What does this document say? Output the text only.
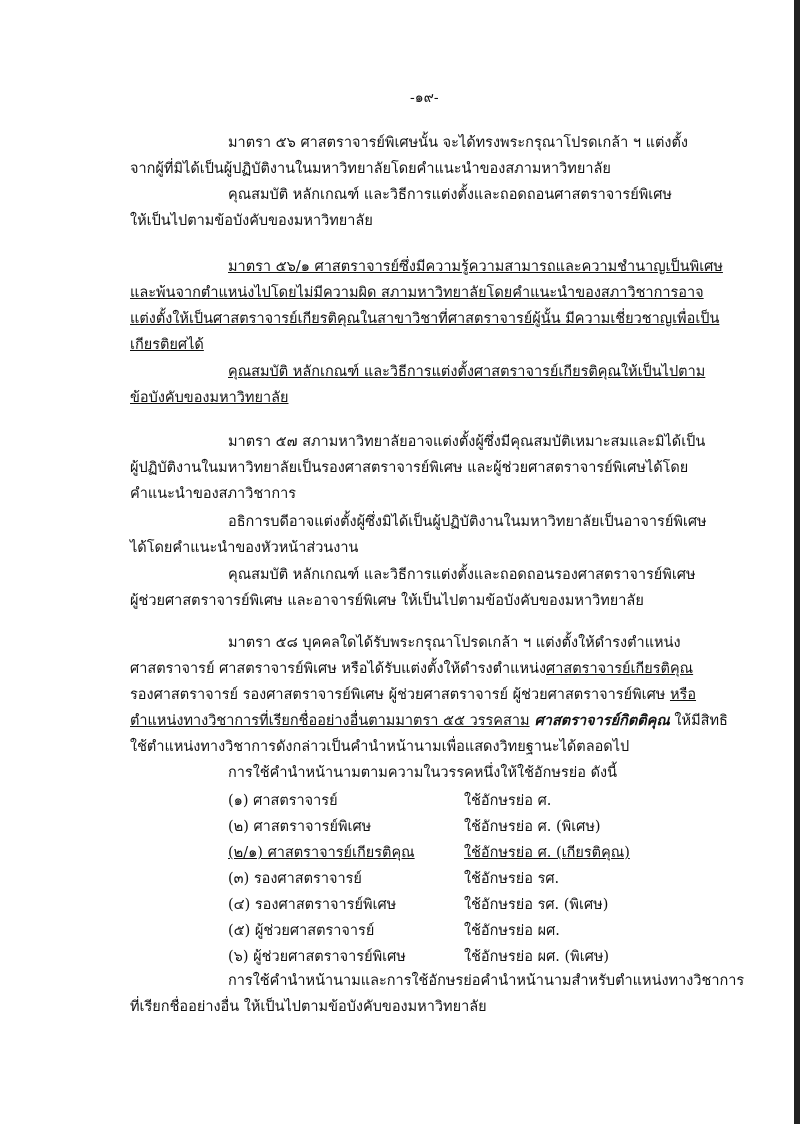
-๑๙-
มาตรา ๕๖ ศาสตราจารย์พิเศษนั้น จะได้ทรงพระกรุณาโปรดเกล้า ฯ แต่งตั้ง
จากผู้ที่มิได้เป็นผู้ปฏิบัติงานในมหาวิทยาลัยโดยคำแนะนำของสภามหาวิทยาลัย
คุณสมบัติ หลักเกณฑ์ และวิธีการแต่งตั้งและถอดถอนศาสตราจารย์พิเศษ
ให้เป็นไปตามข้อบังคับของมหาวิทยาลัย
มาตรา ๕๖/๑ ศาสตราจารย์ซึ่งมีความรู้ความสามารถและความชำนาญเป็นพิเศษ
และพ้นจากตำแหน่งไปโดยไม่มีความผิด สภามหาวิทยาลัยโดยคำแนะนำของสภาวิชาการอาจ
แต่งตั้งให้เป็นศาสตราจารย์เกียรติคุณในสาขาวิชาที่ศาสตราจารย์ผู้นั้น มีความเชี่ยวชาญเพื่อเป็น
เกียรติยศได้
คุณสมบัติ หลักเกณฑ์ และวิธีการแต่งตั้งศาสตราจารย์เกียรติคุณให้เป็นไปตาม
ข้อบังคับของมหาวิทยาลัย
มาตรา ๕๗ สภามหาวิทยาลัยอาจแต่งตั้งผู้ซึ่งมีคุณสมบัติเหมาะสมและมิได้เป็น
ผู้ปฏิบัติงานในมหาวิทยาลัยเป็นรองศาสตราจารย์พิเศษ และผู้ช่วยศาสตราจารย์พิเศษได้โดย
คำแนะนำของสภาวิชาการ
อธิการบดีอาจแต่งตั้งผู้ซึ่งมิได้เป็นผู้ปฏิบัติงานในมหาวิทยาลัยเป็นอาจารย์พิเศษ
ได้โดยคำแนะนำของหัวหน้าส่วนงาน
คุณสมบัติ หลักเกณฑ์ และวิธีการแต่งตั้งและถอดถอนรองศาสตราจารย์พิเศษ
ผู้ช่วยศาสตราจารย์พิเศษ และอาจารย์พิเศษ ให้เป็นไปตามข้อบังคับของมหาวิทยาลัย
มาตรา ๕๘ บุคคลใดได้รับพระกรุณาโปรดเกล้า ฯ แต่งตั้งให้ดำรงตำแหน่ง
ศาสตราจารย์ ศาสตราจารย์พิเศษ หรือได้รับแต่งตั้งให้ดำรงตำแหน่งศาสตราจารย์เกียรติคุณ
รองศาสตราจารย์ รองศาสตราจารย์พิเศษ ผู้ช่วยศาสตราจารย์ ผู้ช่วยศาสตราจารย์พิเศษ หรือ
ตำแหน่งทางวิชาการที่เรียกชื่ออย่างอื่นตามมาตรา ๕๕ วรรคสาม ศาสตราจารย์กิตติคุณ ให้มีสิทธิ
ใช้ตำแหน่งทางวิชาการดังกล่าวเป็นคำนำหน้านามเพื่อแสดงวิทยฐานะได้ตลอดไป
การใช้คำนำหน้านามตามความในวรรคหนึ่งให้ใช้อักษรย่อ ดังนี้
(๑) ศาสตราจารย์	ใช้อักษรย่อ ศ.
(๒) ศาสตราจารย์พิเศษ	ใช้อักษรย่อ ศ. (พิเศษ)
(๒/๑) ศาสตราจารย์เกียรติคุณ	ใช้อักษรย่อ ศ. (เกียรติคุณ)
(๓) รองศาสตราจารย์	ใช้อักษรย่อ รศ.
(๔) รองศาสตราจารย์พิเศษ	ใช้อักษรย่อ รศ. (พิเศษ)
(๕) ผู้ช่วยศาสตราจารย์	ใช้อักษรย่อ ผศ.
(๖) ผู้ช่วยศาสตราจารย์พิเศษ	ใช้อักษรย่อ ผศ. (พิเศษ)
การใช้คำนำหน้านามและการใช้อักษรย่อคำนำหน้านามสำหรับตำแหน่งทางวิชาการ
ที่เรียกชื่ออย่างอื่น ให้เป็นไปตามข้อบังคับของมหาวิทยาลัย
